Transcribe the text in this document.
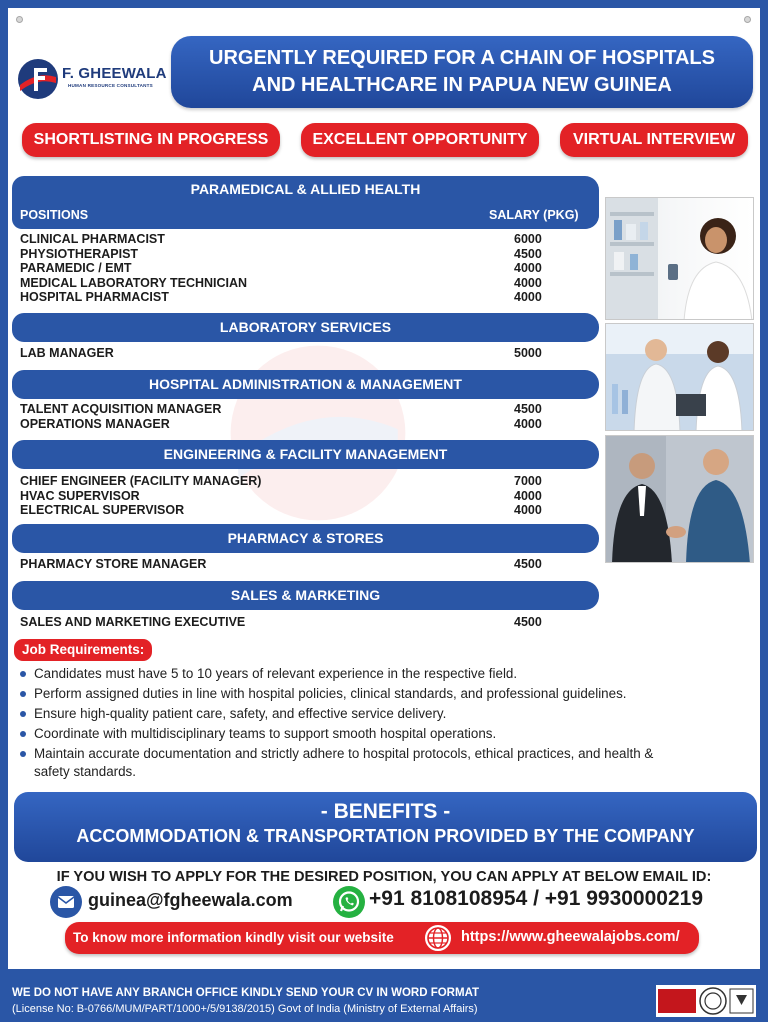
F. GHEEWALA
HUMAN RESOURCE CONSULTANTS
URGENTLY REQUIRED FOR A CHAIN OF HOSPITALS
AND HEALTHCARE IN PAPUA NEW GUINEA
SHORTLISTING IN PROGRESS	EXCELLENT OPPORTUNITY	VIRTUAL INTERVIEW
PARAMEDICAL & ALLIED HEALTH
POSITIONS	SALARY (PKG)
CLINICAL PHARMACIST	6000
PHYSIOTHERAPIST	4500
PARAMEDIC / EMT	4000
MEDICAL LABORATORY TECHNICIAN	4000
HOSPITAL PHARMACIST	4000
LABORATORY SERVICES
LAB MANAGER	5000
HOSPITAL ADMINISTRATION & MANAGEMENT
TALENT ACQUISITION MANAGER	4500
OPERATIONS MANAGER	4000
ENGINEERING & FACILITY MANAGEMENT
CHIEF ENGINEER (FACILITY MANAGER)	7000
HVAC SUPERVISOR	4000
ELECTRICAL SUPERVISOR	4000
PHARMACY & STORES
PHARMACY STORE MANAGER	4500
SALES & MARKETING
SALES AND MARKETING EXECUTIVE	4500
Job Requirements:
Candidates must have 5 to 10 years of relevant experience in the respective field.
Perform assigned duties in line with hospital policies, clinical standards, and professional guidelines.
Ensure high-quality patient care, safety, and effective service delivery.
Coordinate with multidisciplinary teams to support smooth hospital operations.
Maintain accurate documentation and strictly adhere to hospital protocols, ethical practices, and health & safety standards.
- BENEFITS -
ACCOMMODATION & TRANSPORTATION PROVIDED BY THE COMPANY
IF YOU WISH TO APPLY FOR THE DESIRED POSITION, YOU CAN APPLY AT BELOW EMAIL ID:
guinea@fgheewala.com	+91 8108108954 / +91 9930000219
To know more information kindly visit our website	https://www.gheewalajobs.com/
WE DO NOT HAVE ANY BRANCH OFFICE KINDLY SEND YOUR CV IN WORD FORMAT
(License No: B-0766/MUM/PART/1000+/5/9138/2015) Govt of India (Ministry of External Affairs)
